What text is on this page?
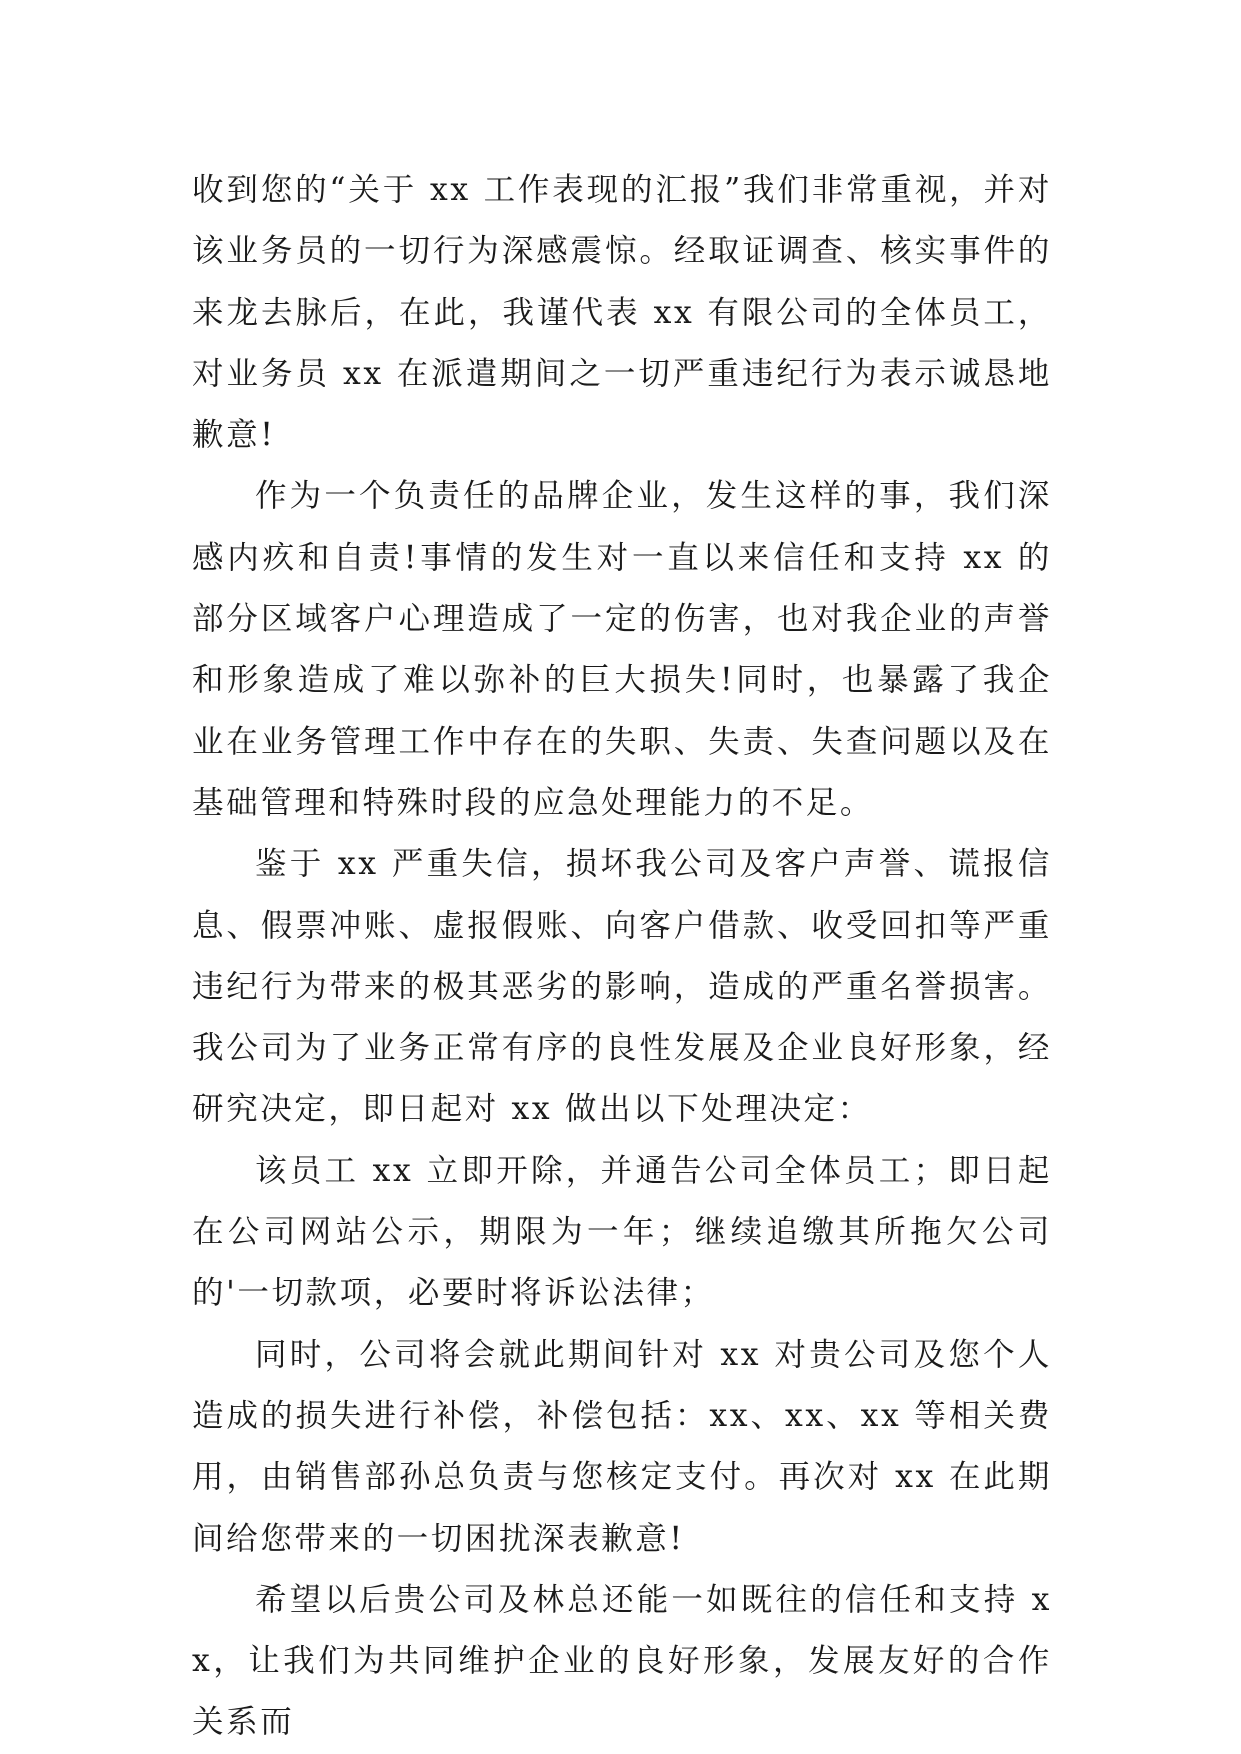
收到您的“关于 xx 工作表现的汇报”我们非常重视，并对该业务员的一切行为深感震惊。经取证调查、核实事件的来龙去脉后，在此，我谨代表 xx 有限公司的全体员工，对业务员 xx 在派遣期间之一切严重违纪行为表示诚恳地歉意!

作为一个负责任的品牌企业，发生这样的事，我们深感内疚和自责!事情的发生对一直以来信任和支持 xx 的部分区域客户心理造成了一定的伤害，也对我企业的声誉和形象造成了难以弥补的巨大损失!同时，也暴露了我企业在业务管理工作中存在的失职、失责、失查问题以及在基础管理和特殊时段的应急处理能力的不足。

鉴于 xx 严重失信，损坏我公司及客户声誉、谎报信息、假票冲账、虚报假账、向客户借款、收受回扣等严重违纪行为带来的极其恶劣的影响，造成的严重名誉损害。我公司为了业务正常有序的良性发展及企业良好形象，经研究决定，即日起对 xx 做出以下处理决定：

该员工 xx 立即开除，并通告公司全体员工；即日起在公司网站公示，期限为一年；继续追缴其所拖欠公司的'一切款项，必要时将诉讼法律；

同时，公司将会就此期间针对 xx 对贵公司及您个人造成的损失进行补偿，补偿包括：xx、xx、xx 等相关费用，由销售部孙总负责与您核定支付。再次对 xx 在此期间给您带来的一切困扰深表歉意!

希望以后贵公司及林总还能一如既往的信任和支持 xx，让我们为共同维护企业的良好形象，发展友好的合作关系而
